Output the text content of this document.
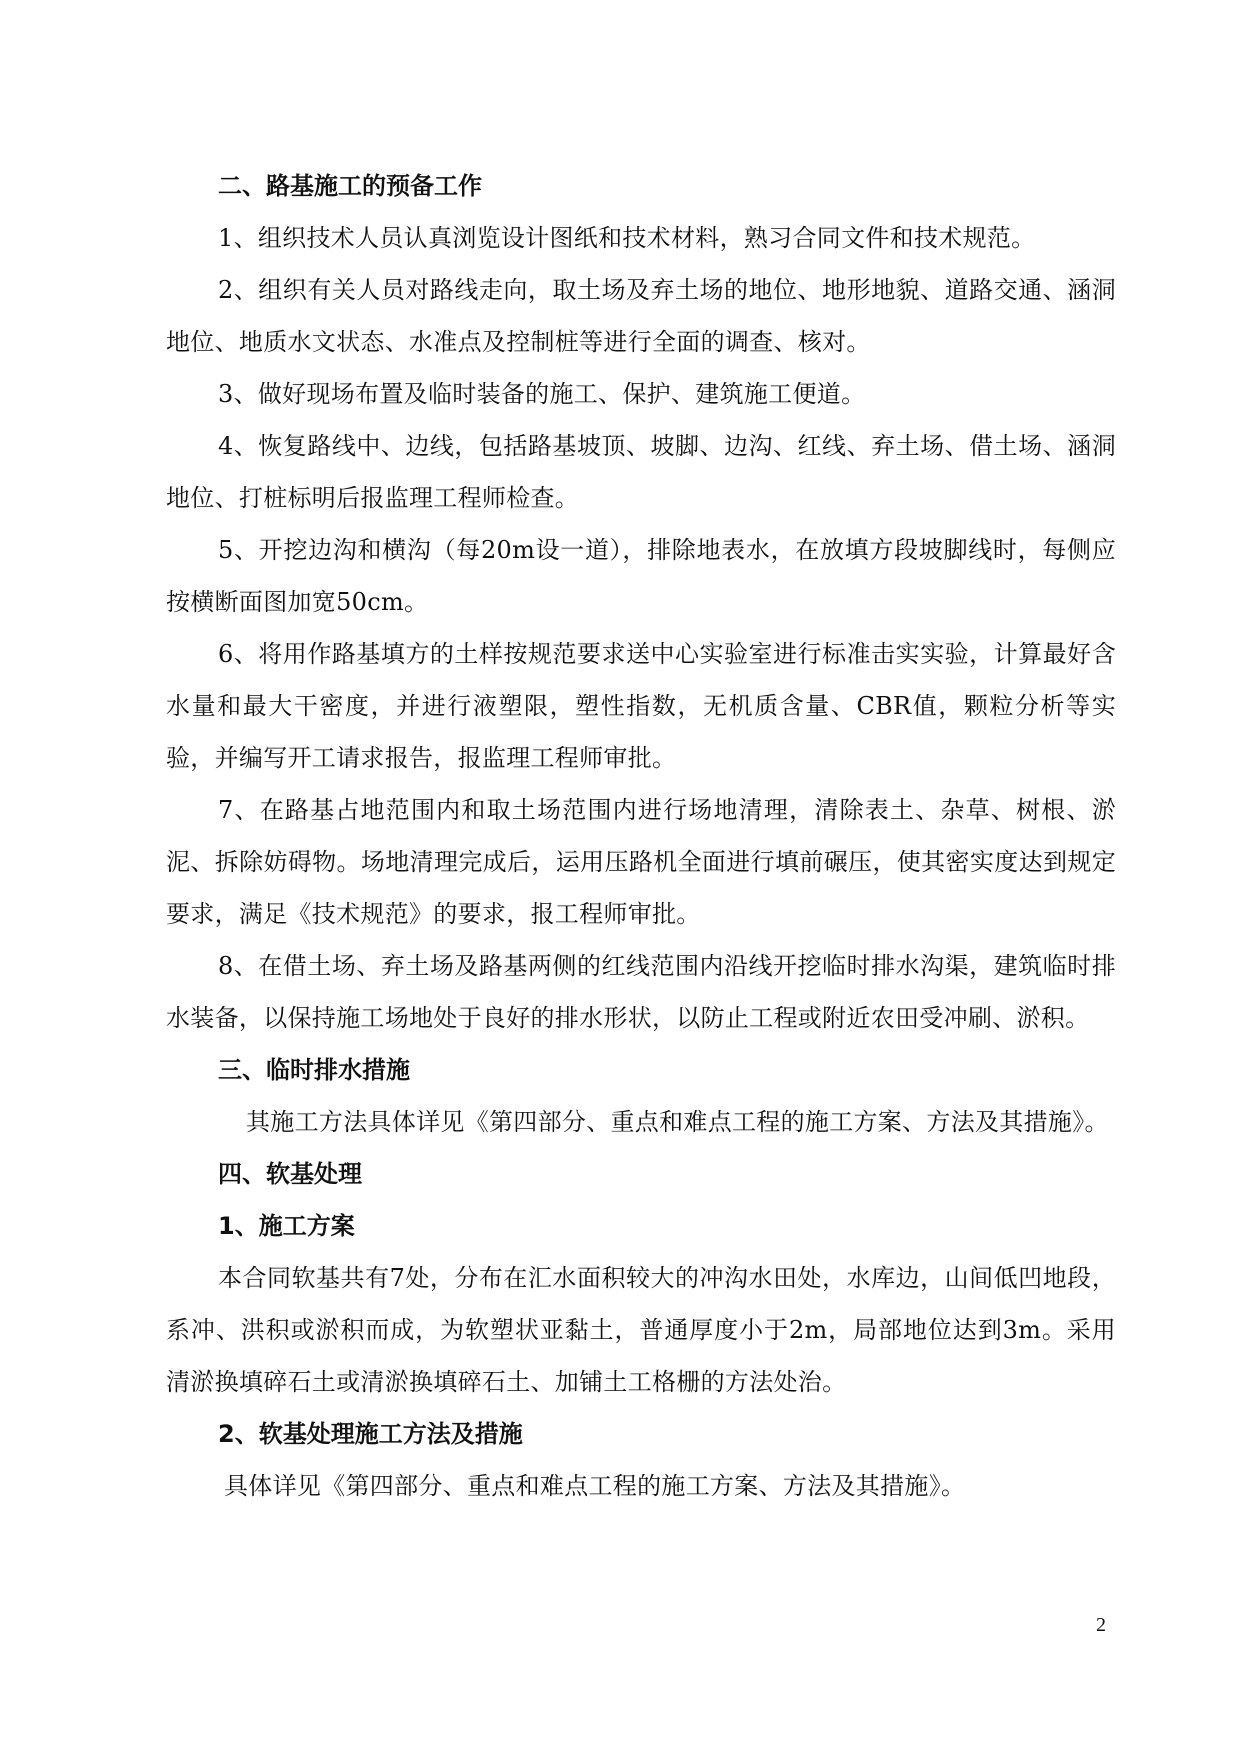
二、路基施工的预备工作

1、组织技术人员认真浏览设计图纸和技术材料，熟习合同文件和技术规范。

2、组织有关人员对路线走向，取土场及弃土场的地位、地形地貌、道路交通、涵洞地位、地质水文状态、水准点及控制桩等进行全面的调查、核对。

3、做好现场布置及临时装备的施工、保护、建筑施工便道。

4、恢复路线中、边线，包括路基坡顶、坡脚、边沟、红线、弃土场、借土场、涵洞地位、打桩标明后报监理工程师检查。

5、开挖边沟和横沟（每20m设一道），排除地表水，在放填方段坡脚线时，每侧应按横断面图加宽50cm。

6、将用作路基填方的土样按规范要求送中心实验室进行标准击实实验，计算最好含水量和最大干密度，并进行液塑限，塑性指数，无机质含量、CBR值，颗粒分析等实验，并编写开工请求报告，报监理工程师审批。

7、在路基占地范围内和取土场范围内进行场地清理，清除表土、杂草、树根、淤泥、拆除妨碍物。场地清理完成后，运用压路机全面进行填前碾压，使其密实度达到规定要求，满足《技术规范》的要求，报工程师审批。

8、在借土场、弃土场及路基两侧的红线范围内沿线开挖临时排水沟渠，建筑临时排水装备，以保持施工场地处于良好的排水形状，以防止工程或附近农田受冲刷、淤积。

三、临时排水措施

其施工方法具体详见《第四部分、重点和难点工程的施工方案、方法及其措施》。

四、软基处理

1、施工方案

本合同软基共有7处，分布在汇水面积较大的冲沟水田处，水库边，山间低凹地段，系冲、洪积或淤积而成，为软塑状亚黏土，普通厚度小于2m，局部地位达到3m。采用清淤换填碎石土或清淤换填碎石土、加铺土工格栅的方法处治。

2、软基处理施工方法及措施

具体详见《第四部分、重点和难点工程的施工方案、方法及其措施》。

2
